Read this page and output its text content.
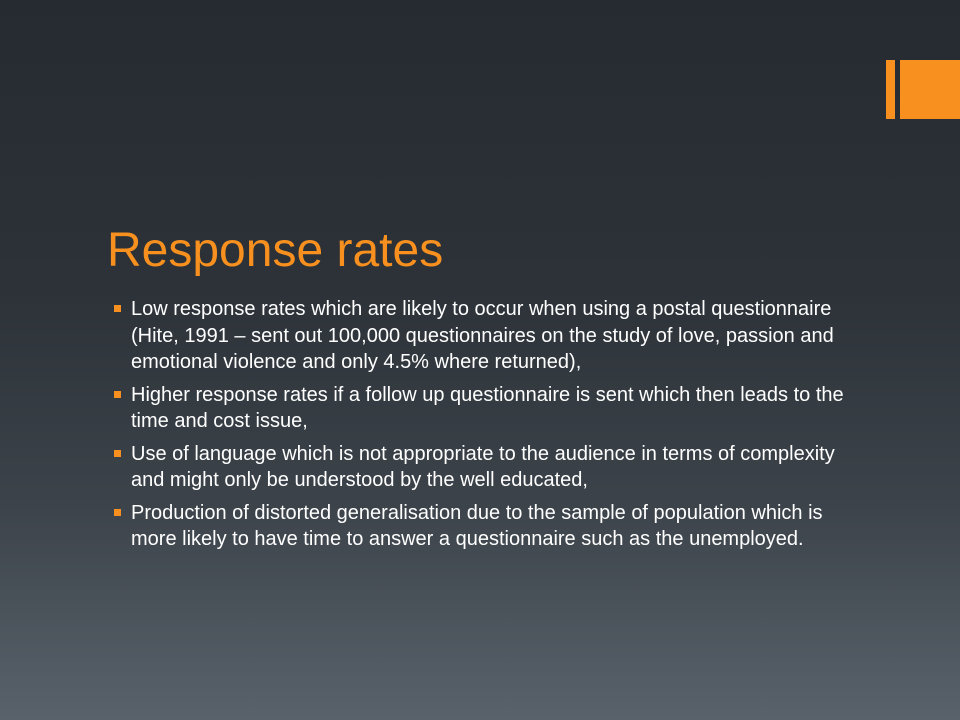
Response rates
Low response rates which are likely to occur when using a postal questionnaire (Hite, 1991 – sent out 100,000 questionnaires on the study of love, passion and emotional violence and only 4.5% where returned),
Higher response rates if a follow up questionnaire is sent which then leads to the time and cost issue,
Use of language which is not appropriate to the audience in terms of complexity and might only be understood by the well educated,
Production of distorted generalisation due to the sample of population which is more likely to have time to answer a questionnaire such as the unemployed.
